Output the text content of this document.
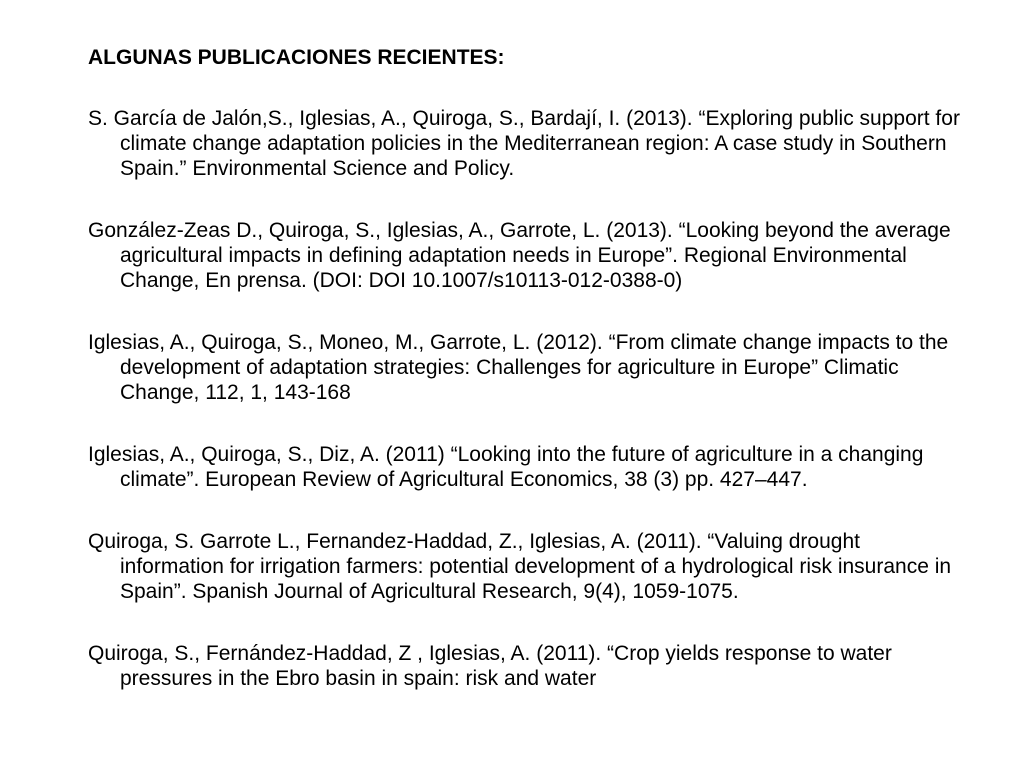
ALGUNAS PUBLICACIONES RECIENTES:
S. García de Jalón,S., Iglesias, A., Quiroga, S., Bardají, I. (2013). “Exploring public support for climate change adaptation policies in the Mediterranean region: A case study in Southern Spain.” Environmental Science and Policy.
González-Zeas D., Quiroga, S., Iglesias, A., Garrote, L. (2013). “Looking beyond the average agricultural impacts in defining adaptation needs in Europe”. Regional Environmental Change, En prensa. (DOI: DOI 10.1007/s10113-012-0388-0)
Iglesias, A., Quiroga, S., Moneo, M., Garrote, L. (2012). “From climate change impacts to the development of adaptation strategies: Challenges for agriculture in Europe” Climatic Change, 112, 1, 143-168
Iglesias, A., Quiroga, S., Diz, A. (2011) “Looking into the future of agriculture in a changing climate”. European Review of Agricultural Economics, 38 (3) pp. 427–447.
Quiroga, S. Garrote L., Fernandez-Haddad, Z., Iglesias, A. (2011). “Valuing drought information for irrigation farmers: potential development of a hydrological risk insurance in Spain”. Spanish Journal of Agricultural Research, 9(4), 1059-1075.
Quiroga, S., Fernández-Haddad, Z , Iglesias, A. (2011). “Crop yields response to water pressures in the Ebro basin in spain: risk and water
